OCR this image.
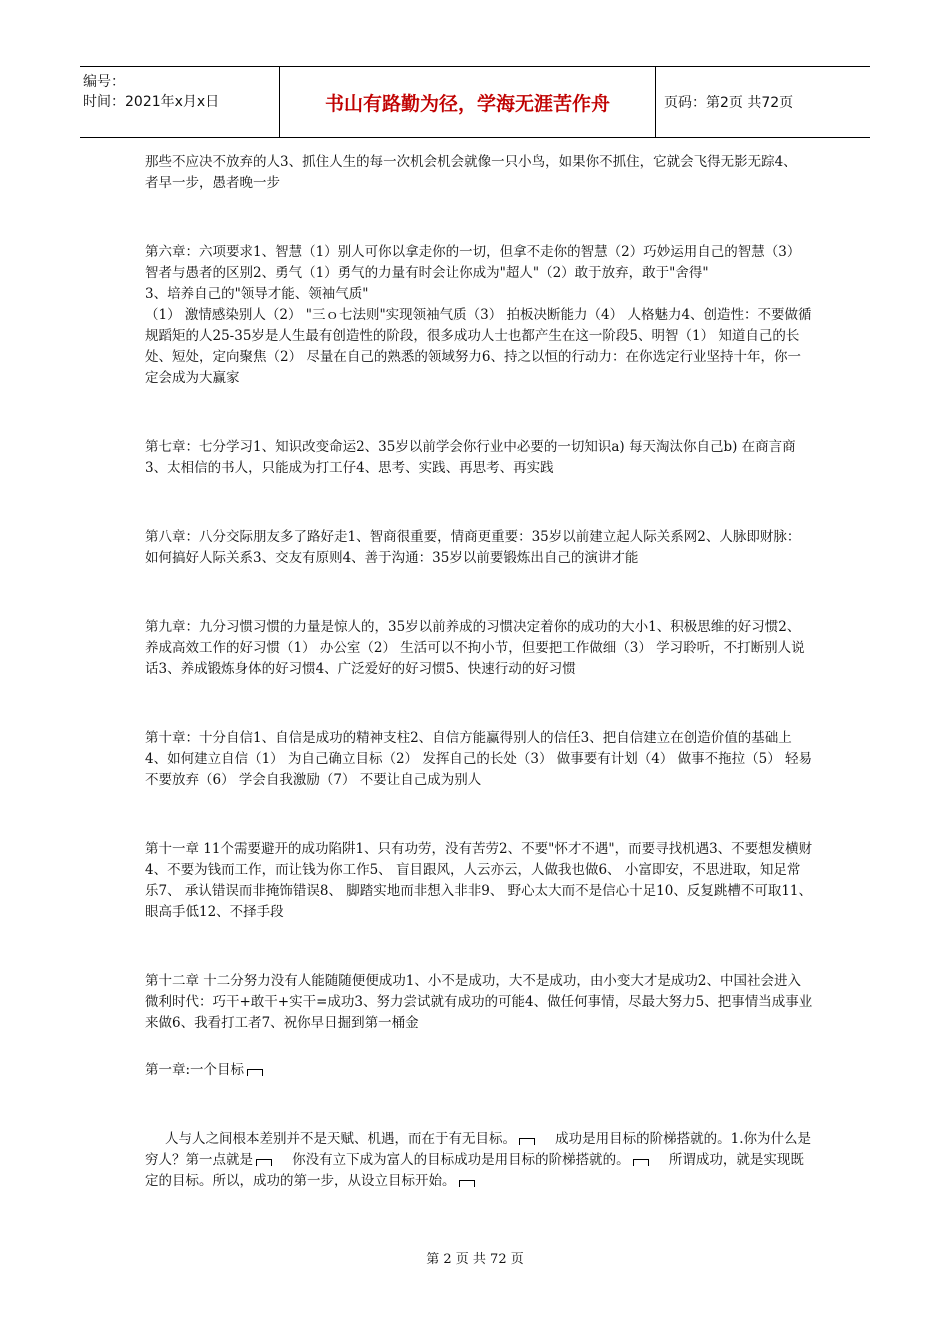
编号：
时间：2021年x月x日	书山有路勤为径，学海无涯苦作舟	页码：第2页 共72页

那些不应决不放弃的人3、抓住人生的每一次机会机会就像一只小鸟，如果你不抓住，它就会飞得无影无踪4、 者早一步，愚者晚一步

第六章：六项要求1、智慧（1）别人可你以拿走你的一切，但拿不走你的智慧（2）巧妙运用自己的智慧（3）智者与愚者的区别2、勇气（1）勇气的力量有时会让你成为"超人"（2）敢于放弃，敢于"舍得"

3、培养自己的"领导才能、领袖气质"

（1） 激情感染别人（2） "三ｏ七法则"实现领袖气质（3） 拍板决断能力（4） 人格魅力4、创造性：不要做循规蹈矩的人25-35岁是人生最有创造性的阶段，很多成功人士也都产生在这一阶段5、明智（1） 知道自己的长处、短处，定向聚焦（2） 尽量在自己的熟悉的领域努力6、持之以恒的行动力：在你选定行业坚持十年，你一定会成为大赢家

第七章：七分学习1、知识改变命运2、35岁以前学会你行业中必要的一切知识a) 每天淘汰你自己b) 在商言商3、太相信的书人，只能成为打工仔4、思考、实践、再思考、再实践

第八章：八分交际朋友多了路好走1、智商很重要，情商更重要：35岁以前建立起人际关系网2、人脉即财脉：如何搞好人际关系3、交友有原则4、善于沟通：35岁以前要锻炼出自己的演讲才能

第九章：九分习惯习惯的力量是惊人的，35岁以前养成的习惯决定着你的成功的大小1、积极思维的好习惯2、养成高效工作的好习惯（1） 办公室（2） 生活可以不拘小节，但要把工作做细（3） 学习聆听，不打断别人说话3、养成锻炼身体的好习惯4、广泛爱好的好习惯5、快速行动的好习惯

第十章：十分自信1、自信是成功的精神支柱2、自信方能赢得别人的信任3、把自信建立在创造价值的基础上4、如何建立自信（1） 为自己确立目标（2） 发挥自己的长处（3） 做事要有计划（4） 做事不拖拉（5） 轻易不要放弃（6） 学会自我激励（7） 不要让自己成为别人

第十一章 11个需要避开的成功陷阱1、只有功劳，没有苦劳2、不要"怀才不遇"，而要寻找机遇3、不要想发横财4、不要为钱而工作，而让钱为你工作5、 盲目跟风，人云亦云，人做我也做6、 小富即安，不思进取，知足常乐7、 承认错误而非掩饰错误8、 脚踏实地而非想入非非9、 野心太大而不是信心十足10、反复跳槽不可取11、眼高手低12、不择手段

第十二章 十二分努力没有人能随随便便成功1、小不是成功，大不是成功，由小变大才是成功2、中国社会进入微利时代：巧干+敢干+实干=成功3、努力尝试就有成功的可能4、做任何事情，尽最大努力5、把事情当成事业来做6、我看打工者7、祝你早日掘到第一桶金

第一章:一个目标

人与人之间根本差别并不是天赋、机遇，而在于有无目标。	成功是用目标的阶梯搭就的。1.你为什么是穷人？第一点就是	你没有立下成为富人的目标成功是用目标的阶梯搭就的。	所谓成功，就是实现既定的目标。所以，成功的第一步，从设立目标开始。

第 2 页 共 72 页
